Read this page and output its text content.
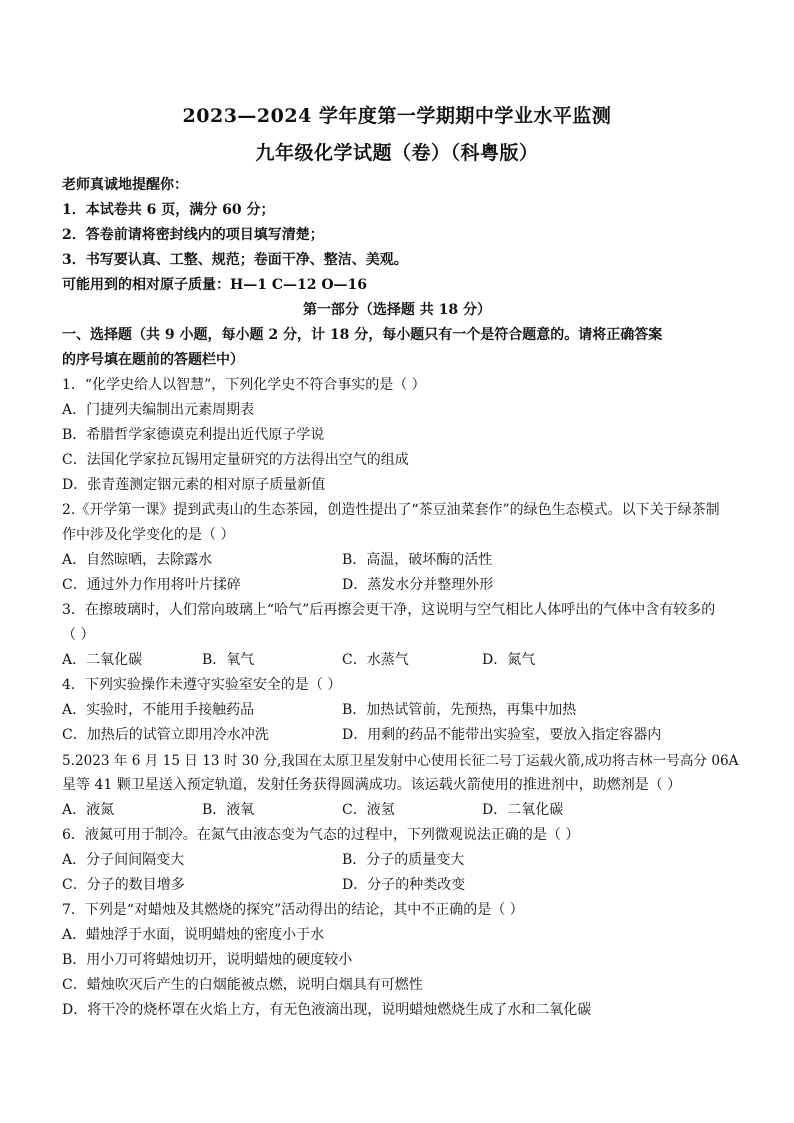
2023—2024 学年度第一学期期中学业水平监测
九年级化学试题（卷）（科粤版）
老师真诚地提醒你：
1．本试卷共 6 页，满分 60 分；
2．答卷前请将密封线内的项目填写清楚；
3．书写要认真、工整、规范；卷面干净、整洁、美观。
可能用到的相对原子质量：H—1 C—12 O—16
第一部分（选择题 共 18 分）
一、选择题（共 9 小题，每小题 2 分，计 18 分，每小题只有一个是符合题意的。请将正确答案
的序号填在题前的答题栏中）
1．“化学史给人以智慧”，下列化学史不符合事实的是（ ）
A．门捷列夫编制出元素周期表
B．希腊哲学家德谟克利提出近代原子学说
C．法国化学家拉瓦锡用定量研究的方法得出空气的组成
D．张青莲测定铟元素的相对原子质量新值
2.《开学第一课》提到武夷山的生态茶园，创造性提出了“茶豆油菜套作”的绿色生态模式。以下关于绿茶制
作中涉及化学变化的是（ ）
A．自然晾晒，去除露水	B．高温，破坏酶的活性
C．通过外力作用将叶片揉碎	D．蒸发水分并整理外形
3．在擦玻璃时，人们常向玻璃上“哈气”后再擦会更干净，这说明与空气相比人体呼出的气体中含有较多的
（ ）
A．二氧化碳	B．氧气	C．水蒸气	D．氮气
4．下列实验操作未遵守实验室安全的是（ ）
A．实验时，不能用手接触药品	B．加热试管前，先预热，再集中加热
C．加热后的试管立即用冷水冲洗	D．用剩的药品不能带出实验室，要放入指定容器内
5.2023 年 6 月 15 日 13 时 30 分,我国在太原卫星发射中心使用长征二号丁运载火箭,成功将吉林一号高分 06A
星等 41 颗卫星送入预定轨道，发射任务获得圆满成功。该运载火箭使用的推进剂中，助燃剂是（ ）
A．液氮	B．液氧	C．液氢	D．二氧化碳
6．液氮可用于制冷。在氮气由液态变为气态的过程中，下列微观说法正确的是（ ）
A．分子间间隔变大	B．分子的质量变大
C．分子的数目增多	D．分子的种类改变
7．下列是“对蜡烛及其燃烧的探究”活动得出的结论，其中不正确的是（ ）
A．蜡烛浮于水面，说明蜡烛的密度小于水
B．用小刀可将蜡烛切开，说明蜡烛的硬度较小
C．蜡烛吹灭后产生的白烟能被点燃，说明白烟具有可燃性
D．将干冷的烧杯罩在火焰上方，有无色液滴出现，说明蜡烛燃烧生成了水和二氧化碳
